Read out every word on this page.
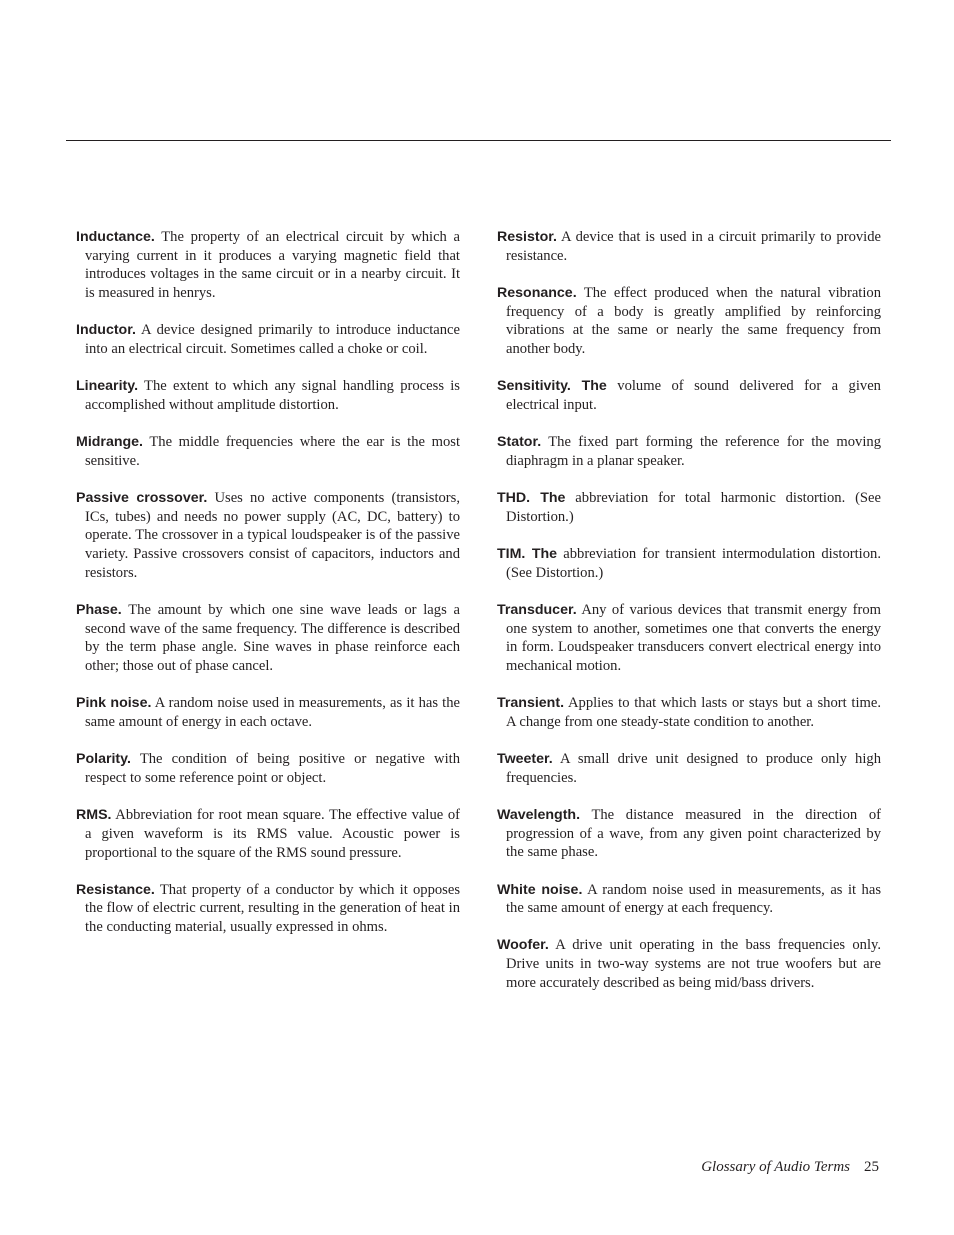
Inductance. The property of an electrical circuit by which a varying current in it produces a varying magnetic field that introduces voltages in the same circuit or in a nearby circuit. It is measured in henrys.

Inductor. A device designed primarily to introduce inductance into an electrical circuit. Sometimes called a choke or coil.

Linearity. The extent to which any signal handling process is accomplished without amplitude distortion.

Midrange. The middle frequencies where the ear is the most sensitive.

Passive crossover. Uses no active components (transistors, ICs, tubes) and needs no power supply (AC, DC, battery) to operate. The crossover in a typical loudspeaker is of the passive variety. Passive crossovers consist of capacitors, inductors and resistors.

Phase. The amount by which one sine wave leads or lags a second wave of the same frequency. The difference is described by the term phase angle. Sine waves in phase reinforce each other; those out of phase cancel.

Pink noise. A random noise used in measurements, as it has the same amount of energy in each octave.

Polarity. The condition of being positive or negative with respect to some reference point or object.

RMS. Abbreviation for root mean square. The effective value of a given waveform is its RMS value. Acoustic power is proportional to the square of the RMS sound pressure.

Resistance. That property of a conductor by which it opposes the flow of electric current, resulting in the generation of heat in the conducting material, usually expressed in ohms.

Resistor. A device that is used in a circuit primarily to provide resistance.

Resonance. The effect produced when the natural vibration frequency of a body is greatly amplified by reinforcing vibrations at the same or nearly the same frequency from another body.

Sensitivity. The volume of sound delivered for a given electrical input.

Stator. The fixed part forming the reference for the moving diaphragm in a planar speaker.

THD. The abbreviation for total harmonic distortion. (See Distortion.)

TIM. The abbreviation for transient intermodulation distortion. (See Distortion.)

Transducer. Any of various devices that transmit energy from one system to another, sometimes one that converts the energy in form. Loudspeaker transducers convert electrical energy into mechanical motion.

Transient. Applies to that which lasts or stays but a short time. A change from one steady-state condition to another.

Tweeter. A small drive unit designed to produce only high frequencies.

Wavelength. The distance measured in the direction of progression of a wave, from any given point characterized by the same phase.

White noise. A random noise used in measurements, as it has the same amount of energy at each frequency.

Woofer. A drive unit operating in the bass frequencies only. Drive units in two-way systems are not true woofers but are more accurately described as being mid/bass drivers.

Glossary of Audio Terms 25
